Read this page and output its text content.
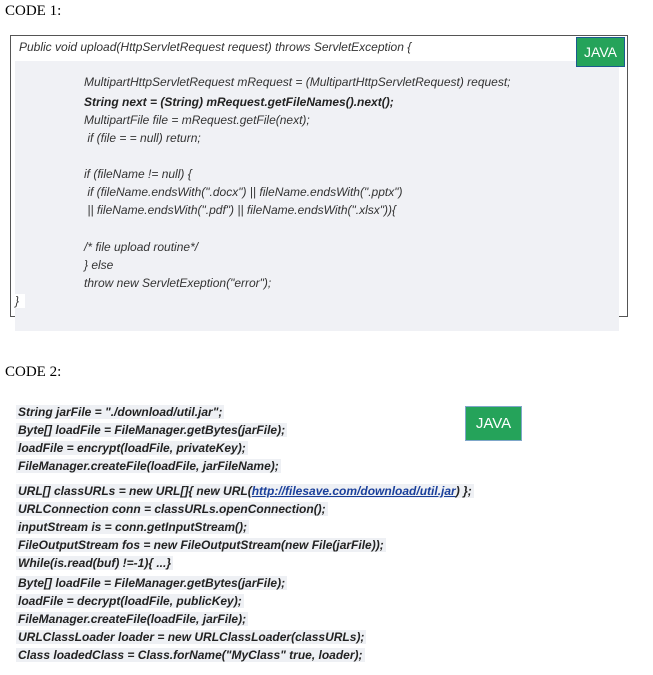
CODE 1:
Public void upload(HttpServletRequest request) throws ServletException {
}
JAVA
MultipartHttpServletRequest mRequest = (MultipartHttpServletRequest) request;
String next = (String) mRequest.getFileNames().next();
MultipartFile file = mRequest.getFile(next);
if (file = = null) return;
if (fileName != null) {
if (fileName.endsWith(".docx") || fileName.endsWith(".pptx")
|| fileName.endsWith(".pdf") || fileName.endsWith(".xlsx")){
/* file upload routine*/
} else
throw new ServletExeption("error");
CODE 2:
JAVA
String jarFile = "./download/util.jar";
Byte[] loadFile = FileManager.getBytes(jarFile);
loadFile = encrypt(loadFile, privateKey);
FileManager.createFile(loadFile, jarFileName);
URL[] classURLs = new URL[]{ new URL(http://filesave.com/download/util.jar) };
URLConnection conn = classURLs.openConnection();
inputStream is = conn.getInputStream();
FileOutputStream fos = new FileOutputStream(new File(jarFile));
While(is.read(buf) !=-1){ ...}
Byte[] loadFile = FileManager.getBytes(jarFile);
loadFile = decrypt(loadFile, publicKey);
FileManager.createFile(loadFile, jarFile);
URLClassLoader loader = new URLClassLoader(classURLs);
Class loadedClass = Class.forName("MyClass" true, loader);
